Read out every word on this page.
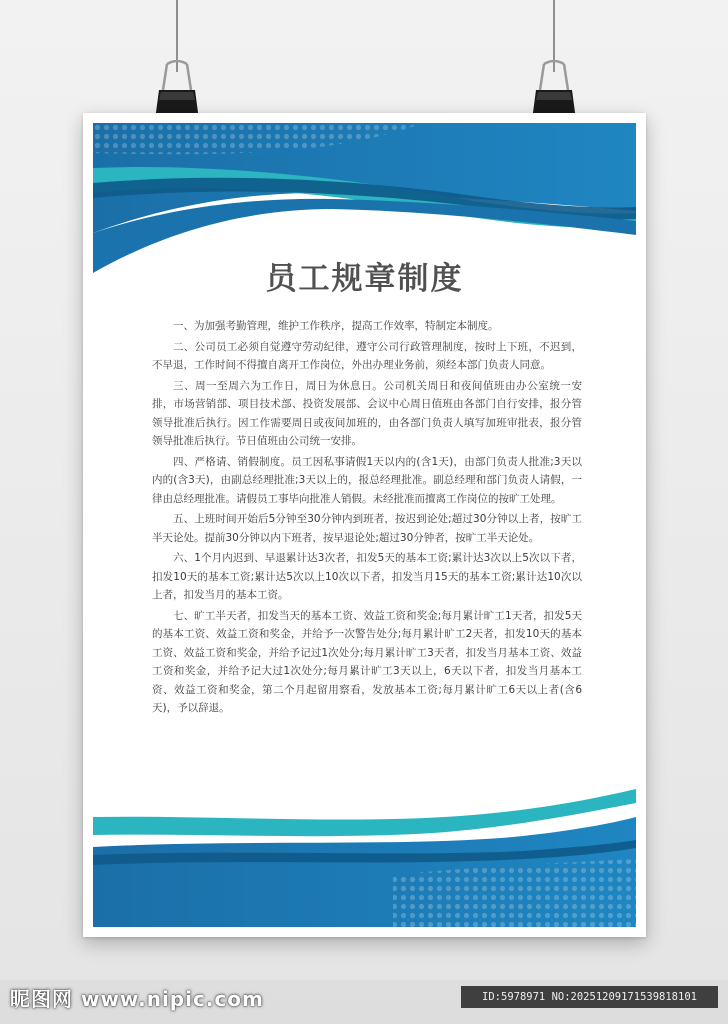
员工规章制度

一、为加强考勤管理，维护工作秩序，提高工作效率，特制定本制度。

二、公司员工必须自觉遵守劳动纪律，遵守公司行政管理制度，按时上下班，不迟到，不早退，工作时间不得擅自离开工作岗位，外出办理业务前，须经本部门负责人同意。

三、周一至周六为工作日，周日为休息日。公司机关周日和夜间值班由办公室统一安排，市场营销部、项目技术部、投资发展部、会议中心周日值班由各部门自行安排，报分管领导批准后执行。因工作需要周日或夜间加班的，由各部门负责人填写加班审批表，报分管领导批准后执行。节日值班由公司统一安排。

四、严格请、销假制度。员工因私事请假1天以内的(含1天)，由部门负责人批准;3天以内的(含3天)，由副总经理批准;3天以上的，报总经理批准。副总经理和部门负责人请假，一律由总经理批准。请假员工事毕向批准人销假。未经批准而擅离工作岗位的按旷工处理。

五、上班时间开始后5分钟至30分钟内到班者，按迟到论处;超过30分钟以上者，按旷工半天论处。提前30分钟以内下班者，按早退论处;超过30分钟者，按旷工半天论处。

六、1个月内迟到、早退累计达3次者，扣发5天的基本工资;累计达3次以上5次以下者，扣发10天的基本工资;累计达5次以上10次以下者，扣发当月15天的基本工资;累计达10次以上者，扣发当月的基本工资。

七、旷工半天者，扣发当天的基本工资、效益工资和奖金;每月累计旷工1天者，扣发5天的基本工资、效益工资和奖金，并给予一次警告处分;每月累计旷工2天者，扣发10天的基本工资、效益工资和奖金，并给予记过1次处分;每月累计旷工3天者，扣发当月基本工资、效益工资和奖金，并给予记大过1次处分;每月累计旷工3天以上，6天以下者，扣发当月基本工资、效益工资和奖金，第二个月起留用察看，发放基本工资;每月累计旷工6天以上者(含6天)，予以辞退。

昵图网 www.nipic.com	ID:5978971 NO:20251209171539818101
